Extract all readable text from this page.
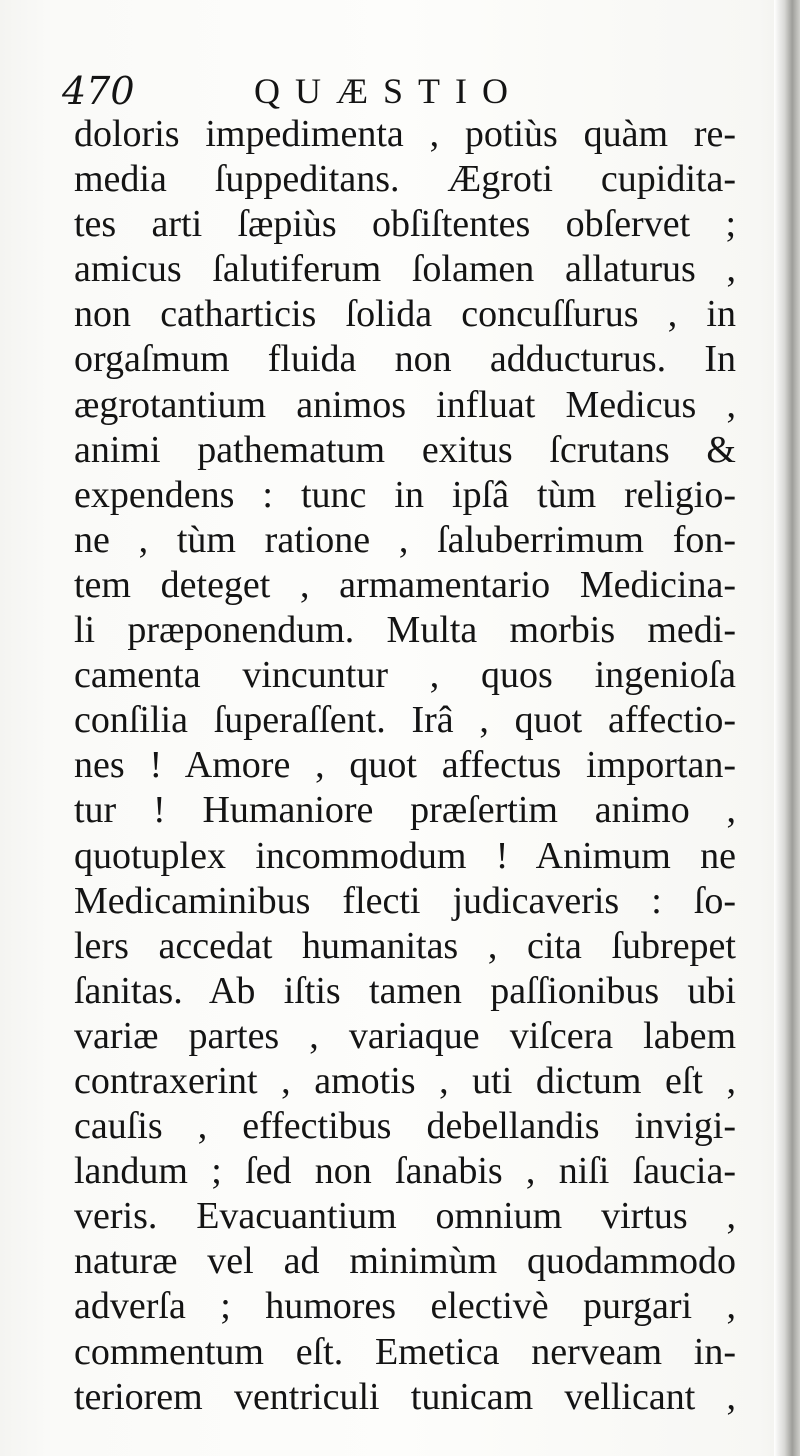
470	QUÆSTIO
doloris impedimenta , potiùs quàm re-
media ſuppeditans. Ægroti cupidita-
tes arti ſæpiùs obſiſtentes obſervet ;
amicus ſalutiferum ſolamen allaturus ,
non catharticis ſolida concuſſurus , in
orgaſmum fluida non adducturus. In
ægrotantium animos influat Medicus ,
animi pathematum exitus ſcrutans &
expendens : tunc in ipſâ tùm religio-
ne , tùm ratione , ſaluberrimum fon-
tem deteget , armamentario Medicina-
li præponendum. Multa morbis medi-
camenta vincuntur , quos ingenioſa
conſilia ſuperaſſent. Irâ , quot affectio-
nes ! Amore , quot affectus importan-
tur ! Humaniore præſertim animo ,
quotuplex incommodum ! Animum ne
Medicaminibus flecti judicaveris : ſo-
lers accedat humanitas , cita ſubrepet
ſanitas. Ab iſtis tamen paſſionibus ubi
variæ partes , variaque viſcera labem
contraxerint , amotis , uti dictum eſt ,
cauſis , effectibus debellandis invigi-
landum ; ſed non ſanabis , niſi ſaucia-
veris. Evacuantium omnium virtus ,
naturæ vel ad minimùm quodammodo
adverſa ; humores electivè purgari ,
commentum eſt. Emetica nerveam in-
teriorem ventriculi tunicam vellicant ,
